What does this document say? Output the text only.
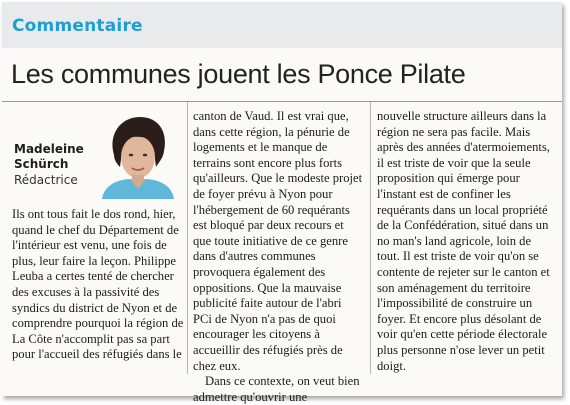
Commentaire
Les communes jouent les Ponce Pilate
Madeleine
Schürch
Rédactrice

Ils ont tous fait le dos rond, hier, quand le chef du Département de l'intérieur est venu, une fois de plus, leur faire la leçon. Philippe Leuba a certes tenté de chercher des excuses à la passivité des syndics du district de Nyon et de comprendre pourquoi la région de La Côte n'accomplit pas sa part pour l'accueil des réfugiés dans le

canton de Vaud. Il est vrai que, dans cette région, la pénurie de logements et le manque de terrains sont encore plus forts qu'ailleurs. Que le modeste projet de foyer prévu à Nyon pour l'hébergement de 60 requérants est bloqué par deux recours et que toute initiative de ce genre dans d'autres communes provoquera également des oppositions. Que la mauvaise publicité faite autour de l'abri PCi de Nyon n'a pas de quoi encourager les citoyens à accueillir des réfugiés près de chez eux.

Dans ce contexte, on veut bien admettre qu'ouvrir une

nouvelle structure ailleurs dans la région ne sera pas facile. Mais après des années d'atermoiements, il est triste de voir que la seule proposition qui émerge pour l'instant est de confiner les requérants dans un local propriété de la Confédération, situé dans un no man's land agricole, loin de tout. Il est triste de voir qu'on se contente de rejeter sur le canton et son aménagement du territoire l'impossibilité de construire un foyer. Et encore plus désolant de voir qu'en cette période électorale plus personne n'ose lever un petit doigt.
